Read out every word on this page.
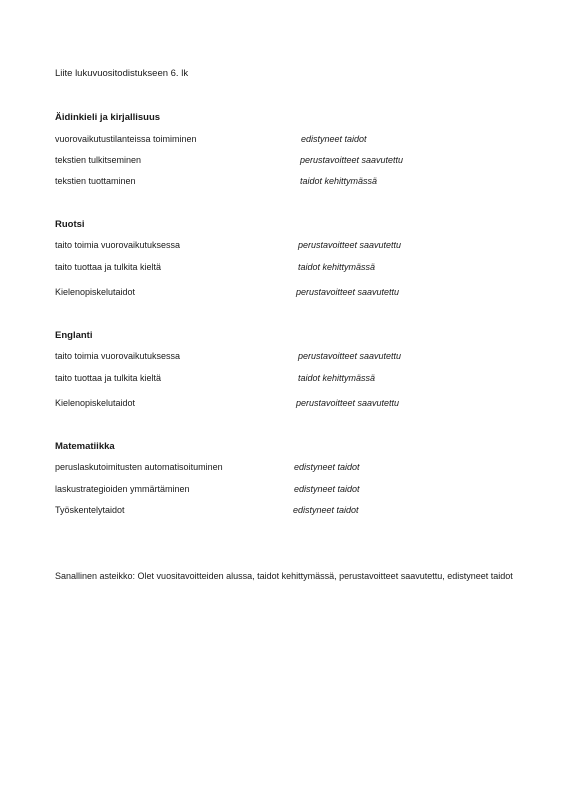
Liite lukuvuositodistukseen 6. lk
Äidinkieli ja kirjallisuus
vuorovaikutustilanteissa toimiminen	edistyneet taidot
tekstien tulkitseminen	perustavoitteet saavutettu
tekstien tuottaminen	taidot kehittymässä
Ruotsi
taito toimia vuorovaikutuksessa	perustavoitteet saavutettu
taito tuottaa ja tulkita kieltä	taidot kehittymässä
Kielenopiskelutaidot	perustavoitteet saavutettu
Englanti
taito toimia vuorovaikutuksessa	perustavoitteet saavutettu
taito tuottaa ja tulkita kieltä	taidot kehittymässä
Kielenopiskelutaidot	perustavoitteet saavutettu
Matematiikka
peruslaskutoimitusten automatisoituminen	edistyneet taidot
laskustrategioiden ymmärtäminen	edistyneet taidot
Työskentelytaidot	edistyneet taidot
Sanallinen asteikko: Olet vuositavoitteiden alussa, taidot kehittymässä, perustavoitteet saavutettu, edistyneet taidot
